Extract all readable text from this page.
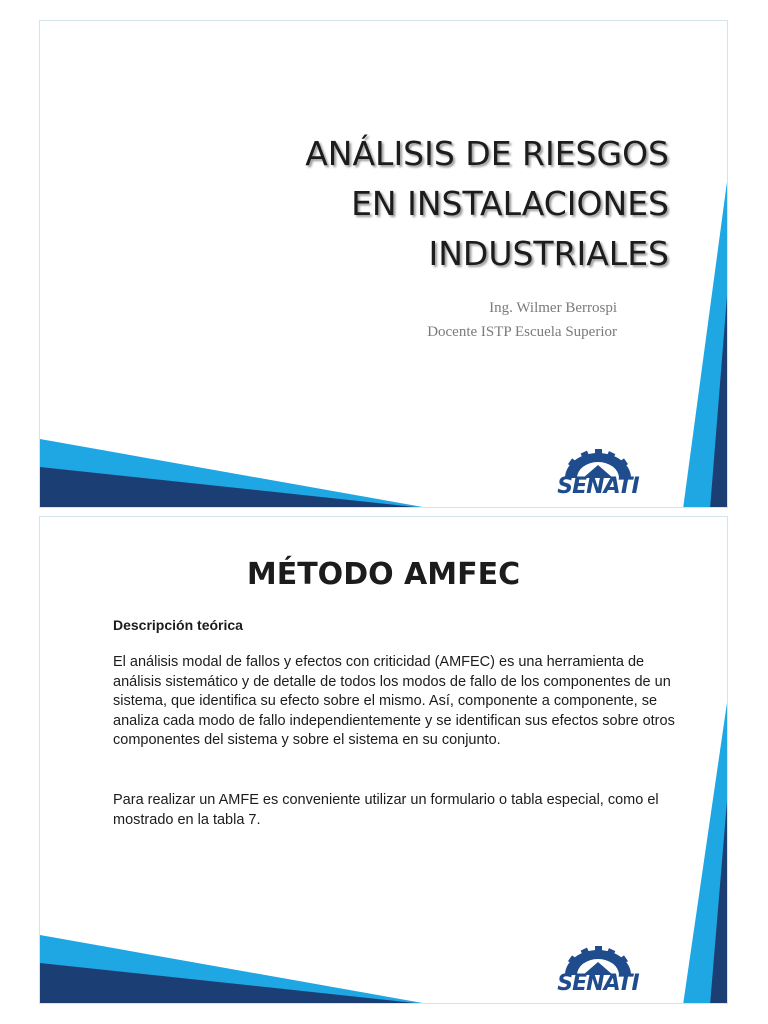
ANÁLISIS DE RIESGOS
EN INSTALACIONES
INDUSTRIALES
Ing. Wilmer Berrospi
Docente ISTP Escuela Superior
SENATI
MÉTODO AMFEC
Descripción teórica
El análisis modal de fallos y efectos con criticidad (AMFEC) es una herramienta de análisis sistemático y de detalle de todos los modos de fallo de los componentes de un sistema, que identifica su efecto sobre el mismo. Así, componente a componente, se analiza cada modo de fallo independientemente y se identifican sus efectos sobre otros componentes del sistema y sobre el sistema en su conjunto.
Para realizar un AMFE es conveniente utilizar un formulario o tabla especial, como el mostrado en la tabla 7.
SENATI
